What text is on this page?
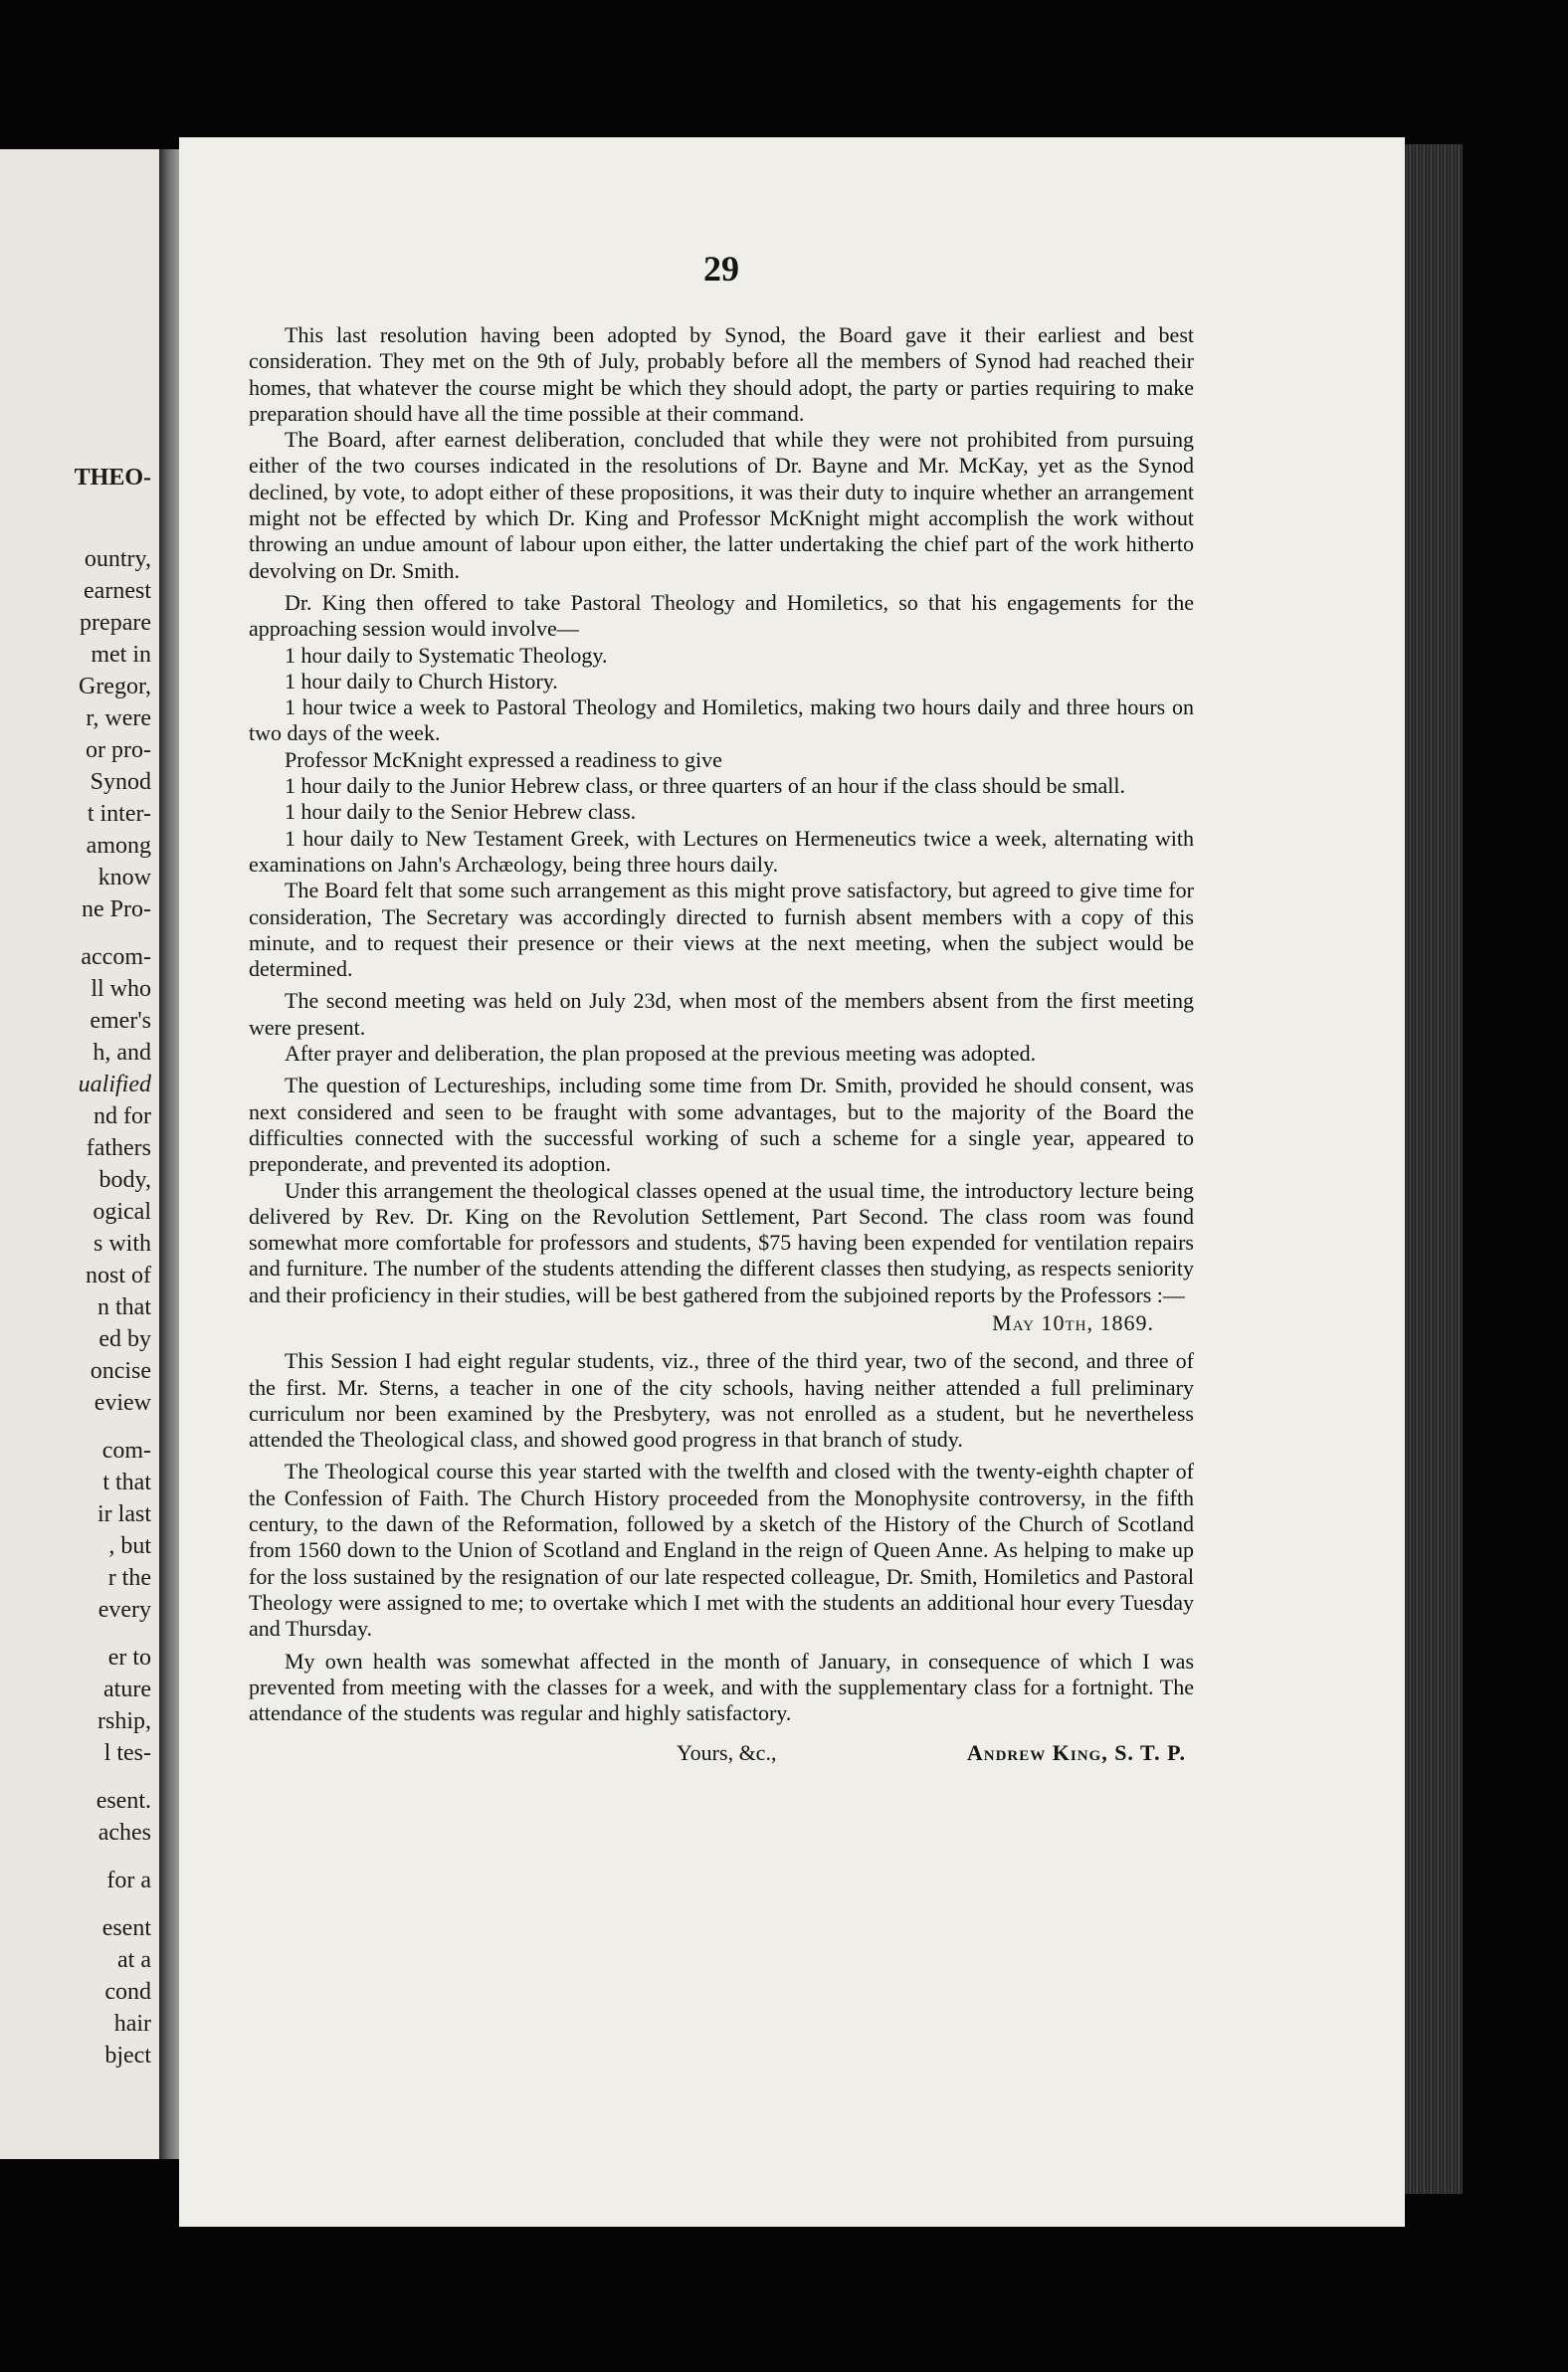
THEO-
ountry,
earnest
prepare
met in
Gregor,
r, were
or pro-
Synod
t inter-
among
know
ne Pro-
accom-
ll who
emer's
h, and
ualified
nd for
fathers
body,
ogical
s with
nost of
n that
ed by
oncise
eview
com-
t that
ir last
, but
r the
every
er to
ature
rship,
l tes-
esent.
aches
for a
esent
at a
cond
hair
bject
29

This last resolution having been adopted by Synod, the Board gave it their earliest and best consideration. They met on the 9th of July, probably before all the members of Synod had reached their homes, that whatever the course might be which they should adopt, the party or parties requiring to make preparation should have all the time possible at their command.

The Board, after earnest deliberation, concluded that while they were not prohibited from pursuing either of the two courses indicated in the resolutions of Dr. Bayne and Mr. McKay, yet as the Synod declined, by vote, to adopt either of these propositions, it was their duty to inquire whether an arrangement might not be effected by which Dr. King and Professor McKnight might accomplish the work without throwing an undue amount of labour upon either, the latter undertaking the chief part of the work hitherto devolving on Dr. Smith.

Dr. King then offered to take Pastoral Theology and Homiletics, so that his engagements for the approaching session would involve—

1 hour daily to Systematic Theology.

1 hour daily to Church History.

1 hour twice a week to Pastoral Theology and Homiletics, making two hours daily and three hours on two days of the week.

Professor McKnight expressed a readiness to give

1 hour daily to the Junior Hebrew class, or three quarters of an hour if the class should be small.

1 hour daily to the Senior Hebrew class.

1 hour daily to New Testament Greek, with Lectures on Hermeneutics twice a week, alternating with examinations on Jahn's Archæology, being three hours daily.

The Board felt that some such arrangement as this might prove satisfactory, but agreed to give time for consideration, The Secretary was accordingly directed to furnish absent members with a copy of this minute, and to request their presence or their views at the next meeting, when the subject would be determined.

The second meeting was held on July 23d, when most of the members absent from the first meeting were present.

After prayer and deliberation, the plan proposed at the previous meeting was adopted.

The question of Lectureships, including some time from Dr. Smith, provided he should consent, was next considered and seen to be fraught with some advantages, but to the majority of the Board the difficulties connected with the successful working of such a scheme for a single year, appeared to preponderate, and prevented its adoption.

Under this arrangement the theological classes opened at the usual time, the introductory lecture being delivered by Rev. Dr. King on the Revolution Settlement, Part Second. The class room was found somewhat more comfortable for professors and students, $75 having been expended for ventilation repairs and furniture. The number of the students attending the different classes then studying, as respects seniority and their proficiency in their studies, will be best gathered from the subjoined reports by the Professors :—

May 10th, 1869.

This Session I had eight regular students, viz., three of the third year, two of the second, and three of the first. Mr. Sterns, a teacher in one of the city schools, having neither attended a full preliminary curriculum nor been examined by the Presbytery, was not enrolled as a student, but he nevertheless attended the Theological class, and showed good progress in that branch of study.

The Theological course this year started with the twelfth and closed with the twenty-eighth chapter of the Confession of Faith. The Church History proceeded from the Monophysite controversy, in the fifth century, to the dawn of the Reformation, followed by a sketch of the History of the Church of Scotland from 1560 down to the Union of Scotland and England in the reign of Queen Anne. As helping to make up for the loss sustained by the resignation of our late respected colleague, Dr. Smith, Homiletics and Pastoral Theology were assigned to me; to overtake which I met with the students an additional hour every Tuesday and Thursday.

My own health was somewhat affected in the month of January, in consequence of which I was prevented from meeting with the classes for a week, and with the supplementary class for a fortnight. The attendance of the students was regular and highly satisfactory.

Yours, &c.,	Andrew King, S. T. P.
